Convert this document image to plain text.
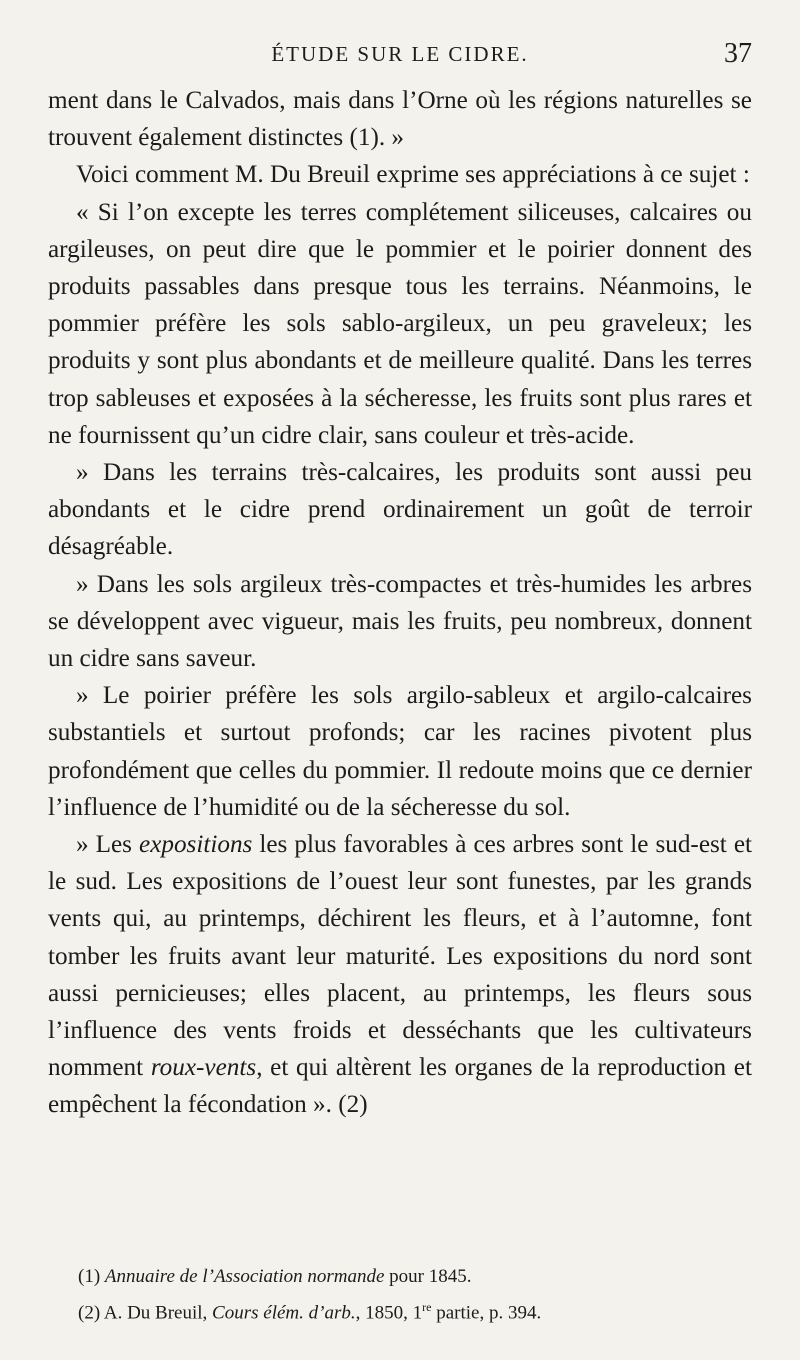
ÉTUDE SUR LE CIDRE.	37

ment dans le Calvados, mais dans l’Orne où les régions naturelles se trouvent également distinctes (1). »

Voici comment M. Du Breuil exprime ses appréciations à ce sujet :

« Si l’on excepte les terres complétement siliceuses, calcaires ou argileuses, on peut dire que le pommier et le poirier donnent des produits passables dans presque tous les terrains. Néanmoins, le pommier préfère les sols sablo-argileux, un peu graveleux; les produits y sont plus abondants et de meilleure qualité. Dans les terres trop sableuses et exposées à la sécheresse, les fruits sont plus rares et ne fournissent qu’un cidre clair, sans couleur et très-acide.

» Dans les terrains très-calcaires, les produits sont aussi peu abondants et le cidre prend ordinairement un goût de terroir désagréable.

» Dans les sols argileux très-compactes et très-humides les arbres se développent avec vigueur, mais les fruits, peu nombreux, donnent un cidre sans saveur.

» Le poirier préfère les sols argilo-sableux et argilo-calcaires substantiels et surtout profonds; car les racines pivotent plus profondément que celles du pommier. Il redoute moins que ce dernier l’influence de l’humidité ou de la sécheresse du sol.

» Les expositions les plus favorables à ces arbres sont le sud-est et le sud. Les expositions de l’ouest leur sont funestes, par les grands vents qui, au printemps, déchirent les fleurs, et à l’automne, font tomber les fruits avant leur maturité. Les expositions du nord sont aussi pernicieuses; elles placent, au printemps, les fleurs sous l’influence des vents froids et desséchants que les cultivateurs nomment roux-vents, et qui altèrent les organes de la reproduction et empêchent la fécondation ». (2)

(1) Annuaire de l’Association normande pour 1845.

(2) A. Du Breuil, Cours élém. d’arb., 1850, 1re partie, p. 394.
